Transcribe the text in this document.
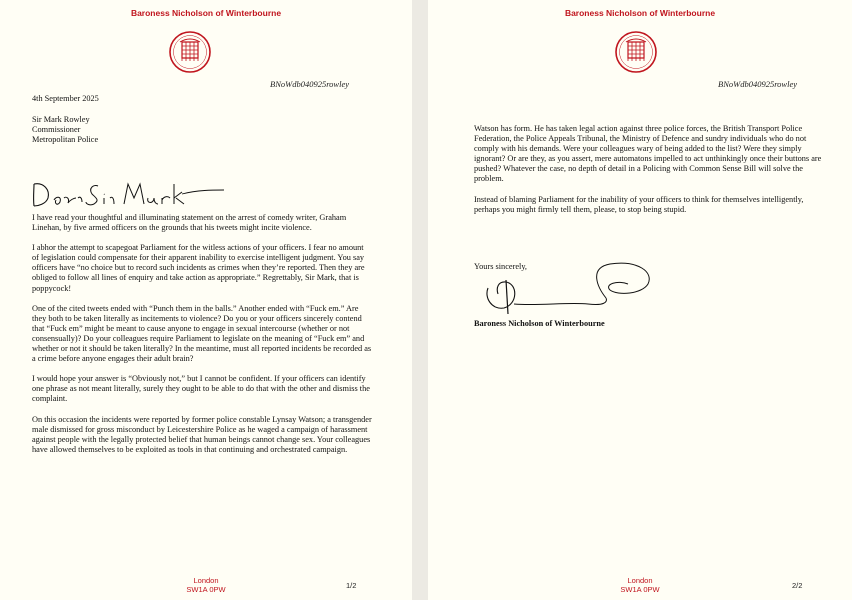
Baroness Nicholson of Winterbourne
BNoWdb040925rowley
4th September 2025

Sir Mark Rowley

Commissioner

Metropolitan Police

I have read your thoughtful and illuminating statement on the arrest of comedy writer, Graham Linehan, by five armed officers on the grounds that his tweets might incite violence.

I abhor the attempt to scapegoat Parliament for the witless actions of your officers. I fear no amount of legislation could compensate for their apparent inability to exercise intelligent judgment. You say officers have “no choice but to record such incidents as crimes when they’re reported. Then they are obliged to follow all lines of enquiry and take action as appropriate.” Regrettably, Sir Mark, that is poppycock!

One of the cited tweets ended with “Punch them in the balls.” Another ended with “Fuck em.” Are they both to be taken literally as incitements to violence? Do you or your officers sincerely contend that “Fuck em” might be meant to cause anyone to engage in sexual intercourse (whether or not consensually)? Do your colleagues require Parliament to legislate on the meaning of “Fuck em” and whether or not it should be taken literally? In the meantime, must all reported incidents be recorded as a crime before anyone engages their adult brain?

I would hope your answer is “Obviously not,” but I cannot be confident. If your officers can identify one phrase as not meant literally, surely they ought to be able to do that with the other and dismiss the complaint.

On this occasion the incidents were reported by former police constable Lynsay Watson; a transgender male dismissed for gross misconduct by Leicestershire Police as he waged a campaign of harassment against people with the legally protected belief that human beings cannot change sex. Your colleagues have allowed themselves to be exploited as tools in that continuing and orchestrated campaign.

London
SW1A 0PW	1/2
Baroness Nicholson of Winterbourne
BNoWdb040925rowley

Watson has form. He has taken legal action against three police forces, the British Transport Police Federation, the Police Appeals Tribunal, the Ministry of Defence and sundry individuals who do not comply with his demands. Were your colleagues wary of being added to the list? Were they simply ignorant? Or are they, as you assert, mere automatons impelled to act unthinkingly once their buttons are pushed? Whatever the case, no depth of detail in a Policing with Common Sense Bill will solve the problem.

Instead of blaming Parliament for the inability of your officers to think for themselves intelligently, perhaps you might firmly tell them, please, to stop being stupid.

Yours sincerely,
Baroness Nicholson of Winterbourne
London
SW1A 0PW	2/2
